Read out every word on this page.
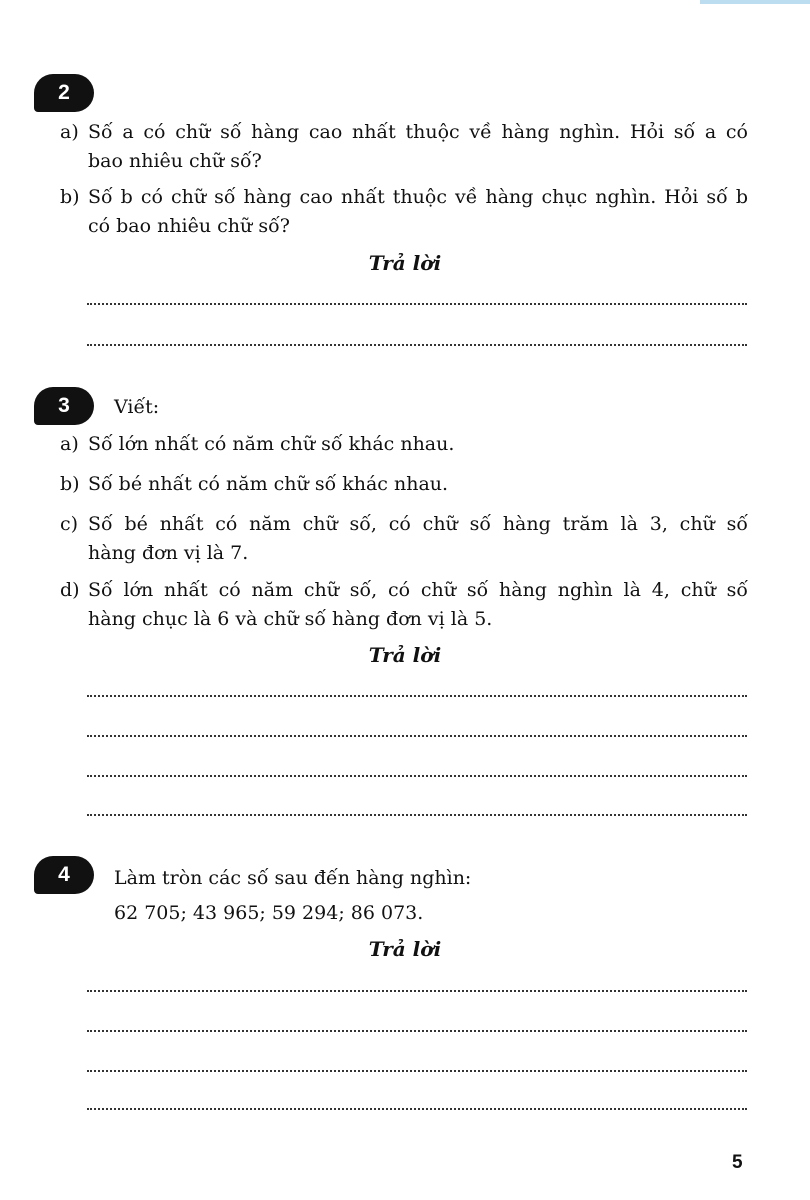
2
a) Số a có chữ số hàng cao nhất thuộc về hàng nghìn. Hỏi số a có
bao nhiêu chữ số?
b) Số b có chữ số hàng cao nhất thuộc về hàng chục nghìn. Hỏi số b
có bao nhiêu chữ số?
Trả lời
3	Viết:
a) Số lớn nhất có năm chữ số khác nhau.
b) Số bé nhất có năm chữ số khác nhau.
c) Số bé nhất có năm chữ số, có chữ số hàng trăm là 3, chữ số
hàng đơn vị là 7.
d) Số lớn nhất có năm chữ số, có chữ số hàng nghìn là 4, chữ số
hàng chục là 6 và chữ số hàng đơn vị là 5.
Trả lời
4	Làm tròn các số sau đến hàng nghìn:
62 705; 43 965; 59 294; 86 073.
Trả lời
5
